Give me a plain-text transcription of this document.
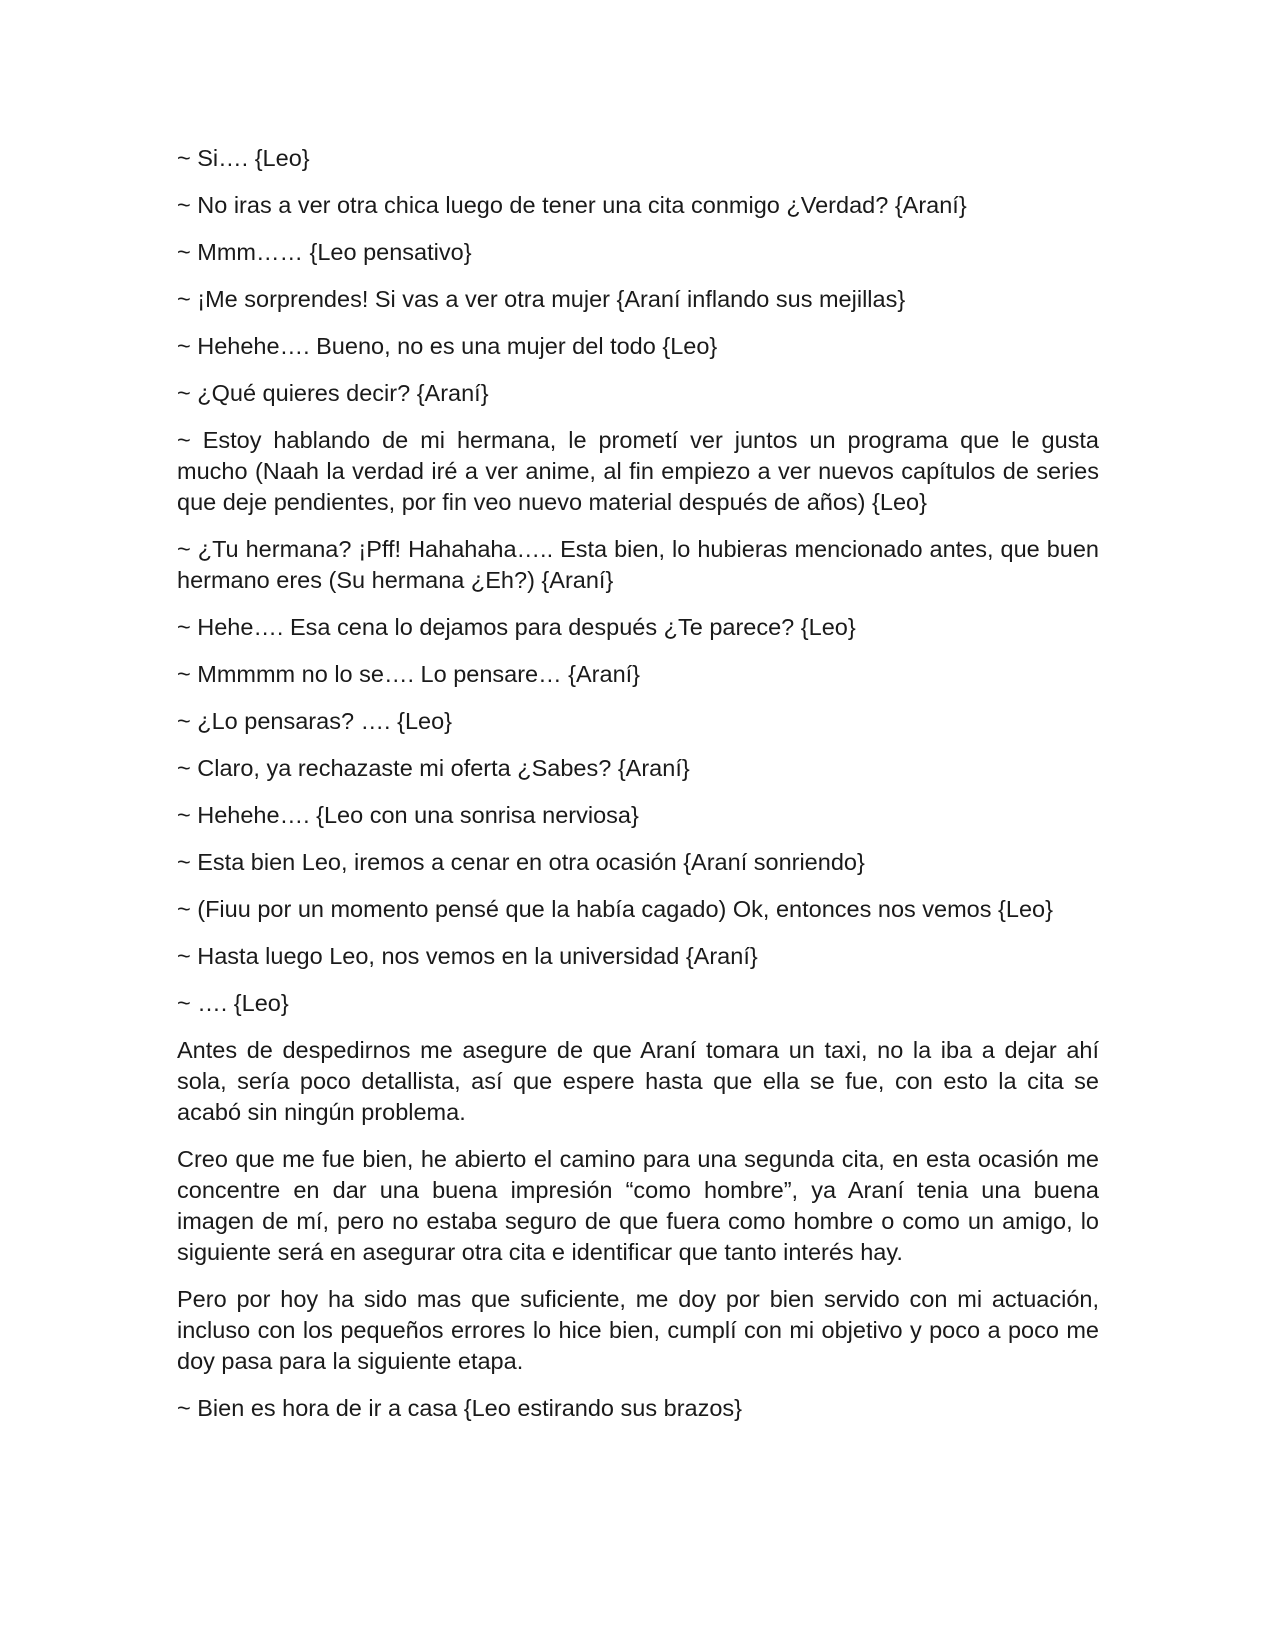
~ Si…. {Leo}

~ No iras a ver otra chica luego de tener una cita conmigo ¿Verdad? {Araní}

~ Mmm…… {Leo pensativo}

~ ¡Me sorprendes! Si vas a ver otra mujer {Araní inflando sus mejillas}

~ Hehehe…. Bueno, no es una mujer del todo {Leo}

~ ¿Qué quieres decir? {Araní}

~ Estoy hablando de mi hermana, le prometí ver juntos un programa que le gusta mucho (Naah la verdad iré a ver anime, al fin empiezo a ver nuevos capítulos de series que deje pendientes, por fin veo nuevo material después de años) {Leo}

~ ¿Tu hermana? ¡Pff! Hahahaha….. Esta bien, lo hubieras mencionado antes, que buen hermano eres (Su hermana ¿Eh?) {Araní}

~ Hehe…. Esa cena lo dejamos para después ¿Te parece? {Leo}

~ Mmmmm no lo se…. Lo pensare… {Araní}

~ ¿Lo pensaras? …. {Leo}

~ Claro, ya rechazaste mi oferta ¿Sabes? {Araní}

~ Hehehe…. {Leo con una sonrisa nerviosa}

~ Esta bien Leo, iremos a cenar en otra ocasión {Araní sonriendo}

~ (Fiuu por un momento pensé que la había cagado) Ok, entonces nos vemos {Leo}

~ Hasta luego Leo, nos vemos en la universidad {Araní}

~ …. {Leo}

Antes de despedirnos me asegure de que Araní tomara un taxi, no la iba a dejar ahí sola, sería poco detallista, así que espere hasta que ella se fue, con esto la cita se acabó sin ningún problema.

Creo que me fue bien, he abierto el camino para una segunda cita, en esta ocasión me concentre en dar una buena impresión “como hombre”, ya Araní tenia una buena imagen de mí, pero no estaba seguro de que fuera como hombre o como un amigo, lo siguiente será en asegurar otra cita e identificar que tanto interés hay.

Pero por hoy ha sido mas que suficiente, me doy por bien servido con mi actuación, incluso con los pequeños errores lo hice bien, cumplí con mi objetivo y poco a poco me doy pasa para la siguiente etapa.

~ Bien es hora de ir a casa {Leo estirando sus brazos}
